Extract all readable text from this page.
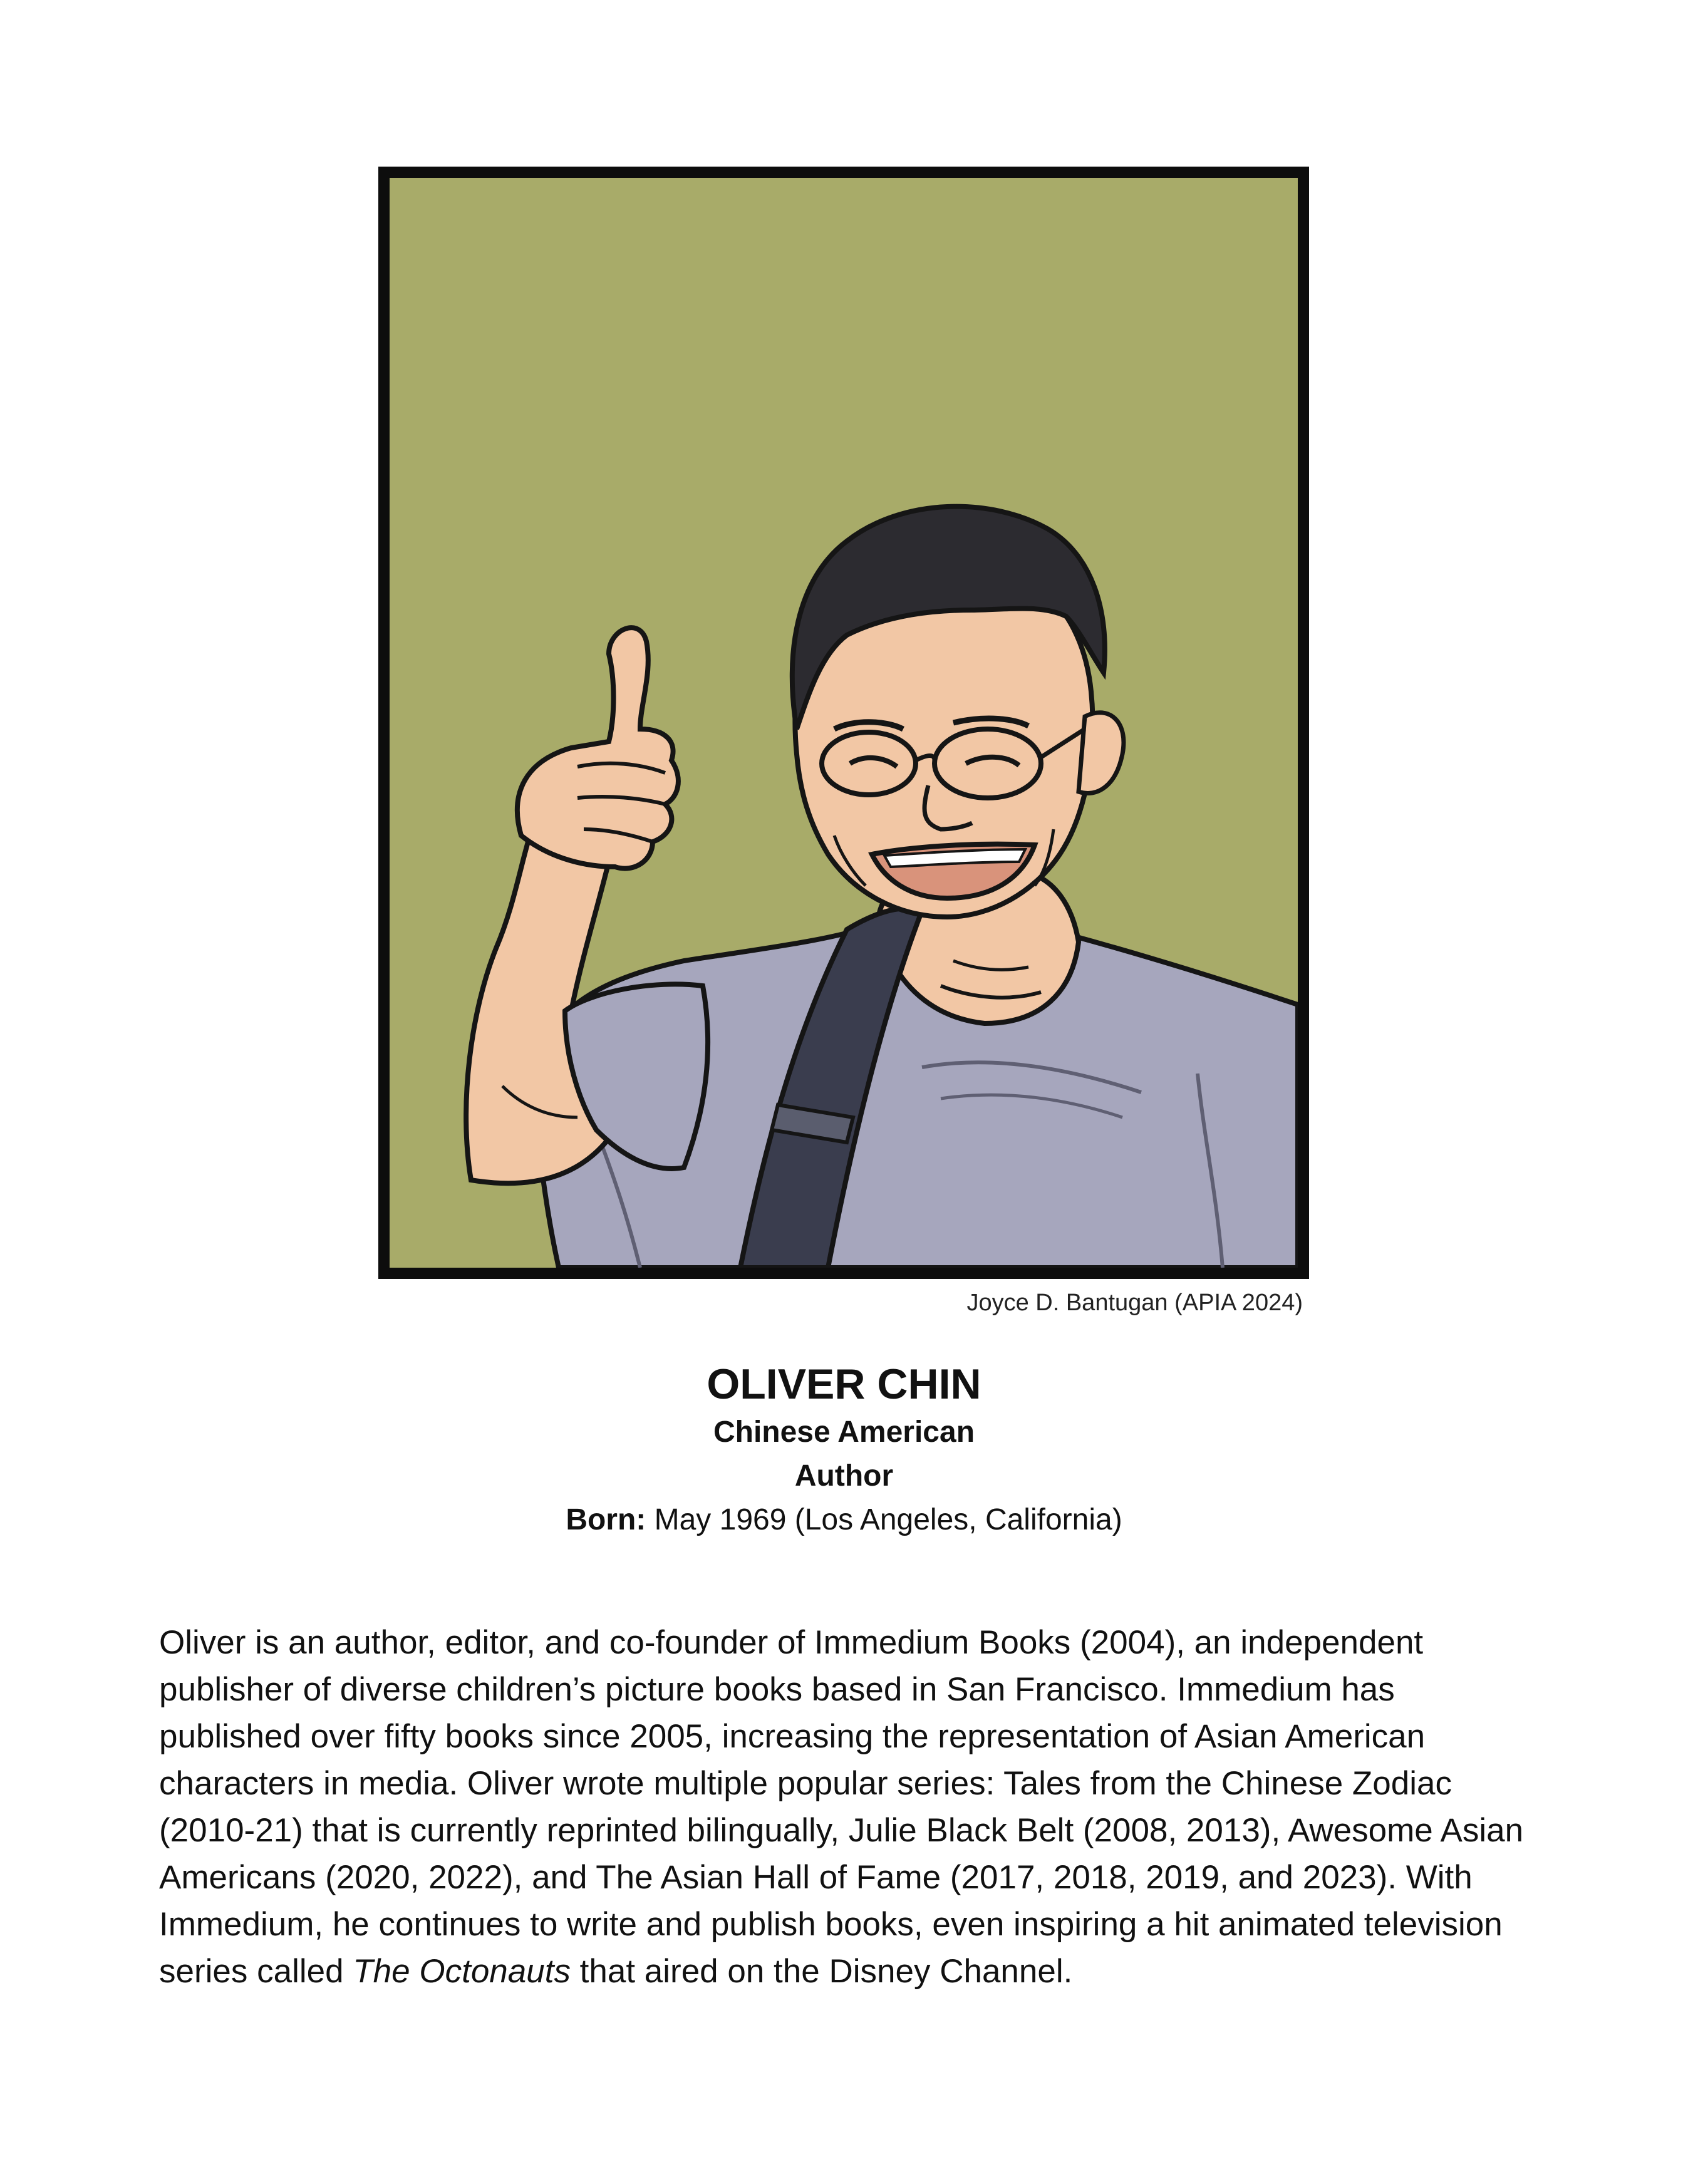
Joyce D. Bantugan (APIA 2024)
OLIVER CHIN
Chinese American
Author
Born: May 1969 (Los Angeles, California)

Oliver is an author, editor, and co-founder of Immedium Books (2004), an independent publisher of diverse children’s picture books based in San Francisco. Immedium has published over fifty books since 2005, increasing the representation of Asian American characters in media. Oliver wrote multiple popular series: Tales from the Chinese Zodiac (2010-21) that is currently reprinted bilingually, Julie Black Belt (2008, 2013), Awesome Asian Americans (2020, 2022), and The Asian Hall of Fame (2017, 2018, 2019, and 2023). With Immedium, he continues to write and publish books, even inspiring a hit animated television series called The Octonauts that aired on the Disney Channel.
